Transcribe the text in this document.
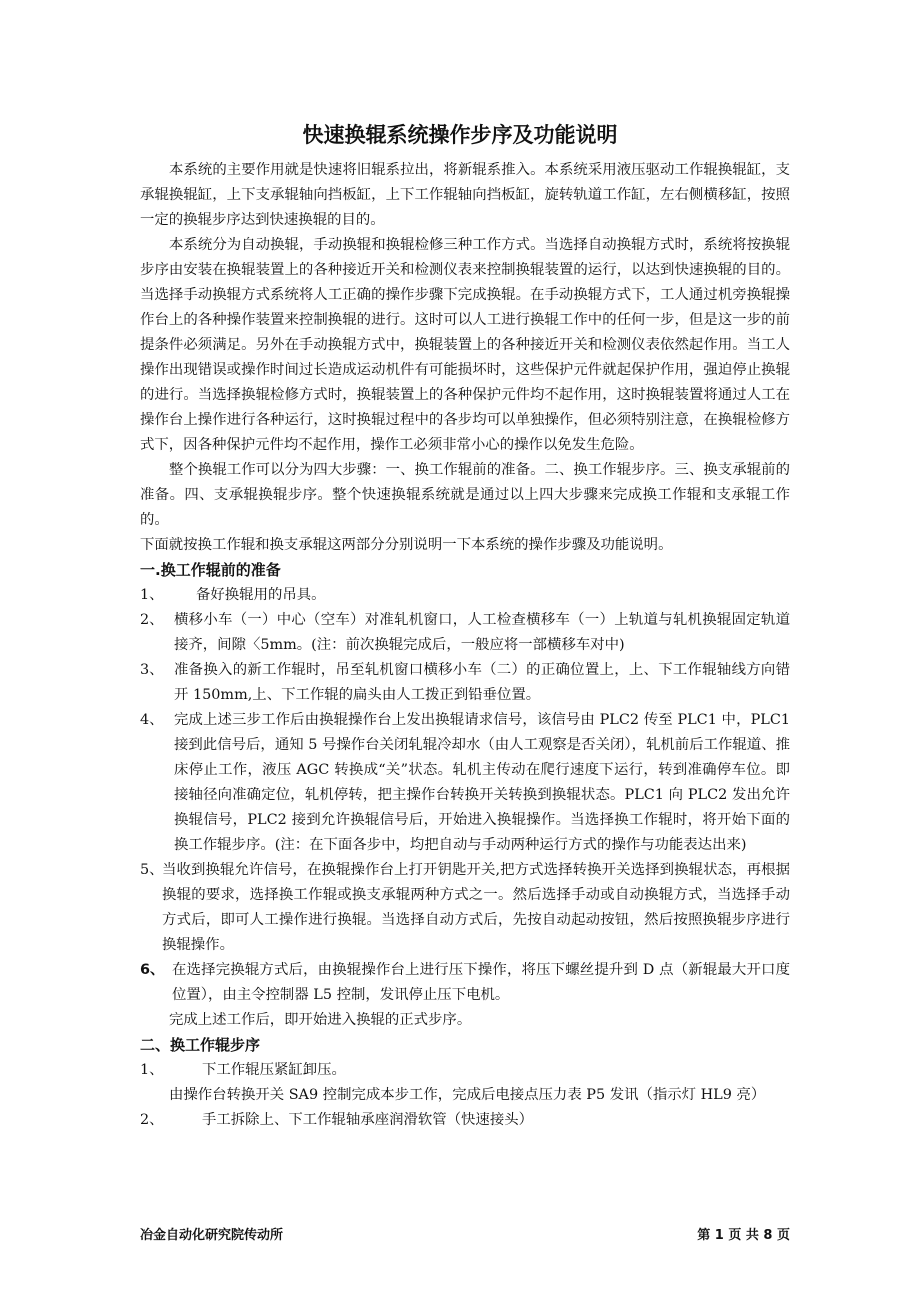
快速换辊系统操作步序及功能说明

本系统的主要作用就是快速将旧辊系拉出，将新辊系推入。本系统采用液压驱动工作辊换辊缸，支承辊换辊缸，上下支承辊轴向挡板缸，上下工作辊轴向挡板缸，旋转轨道工作缸，左右侧横移缸，按照一定的换辊步序达到快速换辊的目的。

本系统分为自动换辊，手动换辊和换辊检修三种工作方式。当选择自动换辊方式时，系统将按换辊步序由安装在换辊装置上的各种接近开关和检测仪表来控制换辊装置的运行，以达到快速换辊的目的。当选择手动换辊方式系统将人工正确的操作步骤下完成换辊。在手动换辊方式下，工人通过机旁换辊操作台上的各种操作装置来控制换辊的进行。这时可以人工进行换辊工作中的任何一步，但是这一步的前提条件必须满足。另外在手动换辊方式中，换辊装置上的各种接近开关和检测仪表依然起作用。当工人操作出现错误或操作时间过长造成运动机件有可能损坏时，这些保护元件就起保护作用，强迫停止换辊的进行。当选择换辊检修方式时，换辊装置上的各种保护元件均不起作用，这时换辊装置将通过人工在操作台上操作进行各种运行，这时换辊过程中的各步均可以单独操作，但必须特别注意，在换辊检修方式下，因各种保护元件均不起作用，操作工必须非常小心的操作以免发生危险。

整个换辊工作可以分为四大步骤：一、换工作辊前的准备。二、换工作辊步序。三、换支承辊前的准备。四、支承辊换辊步序。整个快速换辊系统就是通过以上四大步骤来完成换工作辊和支承辊工作的。

下面就按换工作辊和换支承辊这两部分分别说明一下本系统的操作步骤及功能说明。

一.换工作辊前的准备
1、	备好换辊用的吊具。
2、 横移小车（一）中心（空车）对准轧机窗口，人工检查横移车（一）上轨道与轧机换辊固定轨道接齐，间隙〈5mm。(注：前次换辊完成后，一般应将一部横移车对中)
3、 准备换入的新工作辊时，吊至轧机窗口横移小车（二）的正确位置上，上、下工作辊轴线方向错开 150mm,上、下工作辊的扁头由人工拨正到铅垂位置。
4、 完成上述三步工作后由换辊操作台上发出换辊请求信号，该信号由 PLC2 传至 PLC1 中，PLC1 接到此信号后，通知 5 号操作台关闭轧辊冷却水（由人工观察是否关闭），轧机前后工作辊道、推床停止工作，液压 AGC 转换成“关”状态。轧机主传动在爬行速度下运行，转到准确停车位。即接轴径向准确定位，轧机停转，把主操作台转换开关转换到换辊状态。PLC1 向 PLC2 发出允许换辊信号，PLC2 接到允许换辊信号后，开始进入换辊操作。当选择换工作辊时，将开始下面的换工作辊步序。(注：在下面各步中，均把自动与手动两种运行方式的操作与功能表达出来)
5、
当收到换辊允许信号，在换辊操作台上打开钥匙开关,把方式选择转换开关选择到换辊状态，再根据换辊的要求，选择换工作辊或换支承辊两种方式之一。然后选择手动或自动换辊方式，当选择手动方式后，即可人工操作进行换辊。当选择自动方式后，先按自动起动按钮，然后按照换辊步序进行换辊操作。
6、 在选择完换辊方式后，由换辊操作台上进行压下操作，将压下螺丝提升到 D 点（新辊最大开口度位置），由主令控制器 L5 控制，发讯停止压下电机。

完成上述工作后，即开始进入换辊的正式步序。

二、换工作辊步序
1、	下工作辊压紧缸卸压。

由操作台转换开关 SA9 控制完成本步工作，完成后电接点压力表 P5 发讯（指示灯 HL9 亮）

2、	手工拆除上、下工作辊轴承座润滑软管（快速接头）
冶金自动化研究院传动所	第 1 页 共 8 页
